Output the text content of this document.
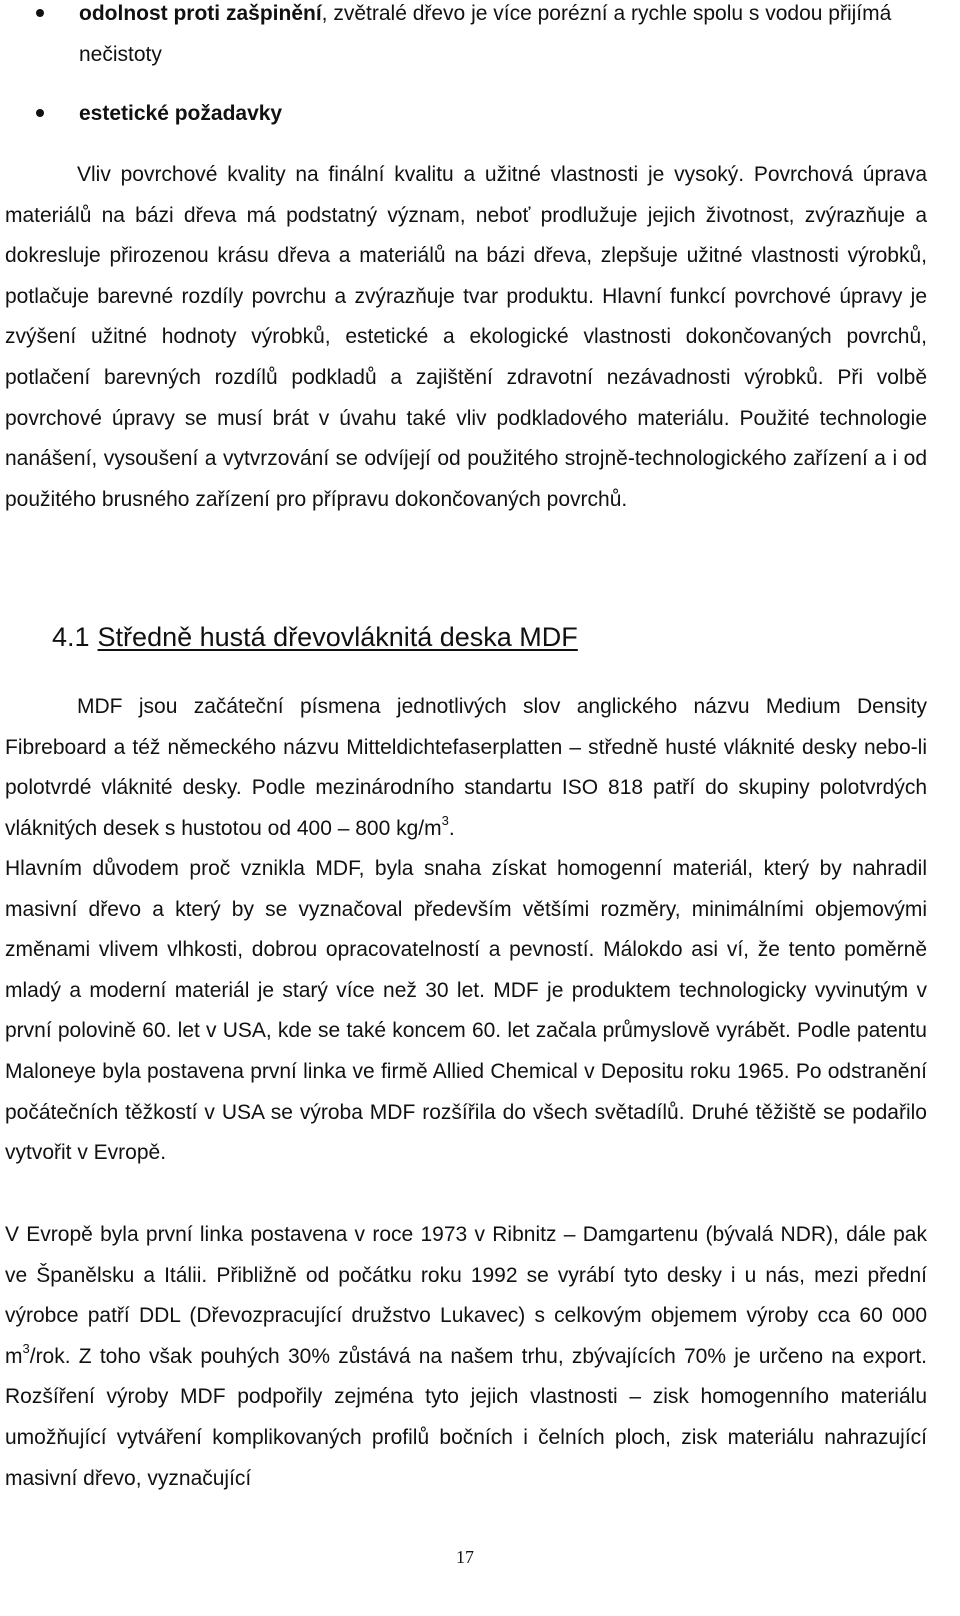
odolnost proti zašpinění, zvětralé dřevo je více porézní a rychle spolu s vodou přijímá nečistoty
estetické požadavky

Vliv povrchové kvality na finální kvalitu a užitné vlastnosti je vysoký. Povrchová úprava materiálů na bázi dřeva má podstatný význam, neboť prodlužuje jejich životnost, zvýrazňuje a dokresluje přirozenou krásu dřeva a materiálů na bázi dřeva, zlepšuje užitné vlastnosti výrobků, potlačuje barevné rozdíly povrchu a zvýrazňuje tvar produktu. Hlavní funkcí povrchové úpravy je zvýšení užitné hodnoty výrobků, estetické a ekologické vlastnosti dokončovaných povrchů, potlačení barevných rozdílů podkladů a zajištění zdravotní nezávadnosti výrobků. Při volbě povrchové úpravy se musí brát v úvahu také vliv podkladového materiálu. Použité technologie nanášení, vysoušení a vytvrzování se odvíjejí od použitého strojně-technologického zařízení a i od použitého brusného zařízení pro přípravu dokončovaných povrchů.

4.1 Středně hustá dřevovláknitá deska MDF

MDF jsou začáteční písmena jednotlivých slov anglického názvu Medium Density Fibreboard a též německého názvu Mitteldichtefaserplatten – středně husté vláknité desky nebo-li polotvrdé vláknité desky. Podle mezinárodního standartu ISO 818 patří do skupiny polotvrdých vláknitých desek s hustotou od 400 – 800 $kg/m^3$.

Hlavním důvodem proč vznikla MDF, byla snaha získat homogenní materiál, který by nahradil masivní dřevo a který by se vyznačoval především většími rozměry, minimálními objemovými změnami vlivem vlhkosti, dobrou opracovatelností a pevností. Málokdo asi ví, že tento poměrně mladý a moderní materiál je starý více než 30 let. MDF je produktem technologicky vyvinutým v první polovině 60. let v USA, kde se také koncem 60. let začala průmyslově vyrábět. Podle patentu Maloneye byla postavena první linka ve firmě Allied Chemical v Depositu roku 1965. Po odstranění počátečních těžkostí v USA se výroba MDF rozšířila do všech světadílů. Druhé těžiště se podařilo vytvořit v Evropě.

V Evropě byla první linka postavena v roce 1973 v Ribnitz – Damgartenu (bývalá NDR), dále pak ve Španělsku a Itálii. Přibližně od počátku roku 1992 se vyrábí tyto desky i u nás, mezi přední výrobce patří DDL (Dřevozpracující družstvo Lukavec) s celkovým objemem výroby cca 60 000 $m^3$/rok. Z toho však pouhých 30% zůstává na našem trhu, zbývajících 70% je určeno na export. Rozšíření výroby MDF podpořily zejména tyto jejich vlastnosti – zisk homogenního materiálu umožňující vytváření komplikovaných profilů bočních i čelních ploch, zisk materiálu nahrazující masivní dřevo, vyznačující

17
